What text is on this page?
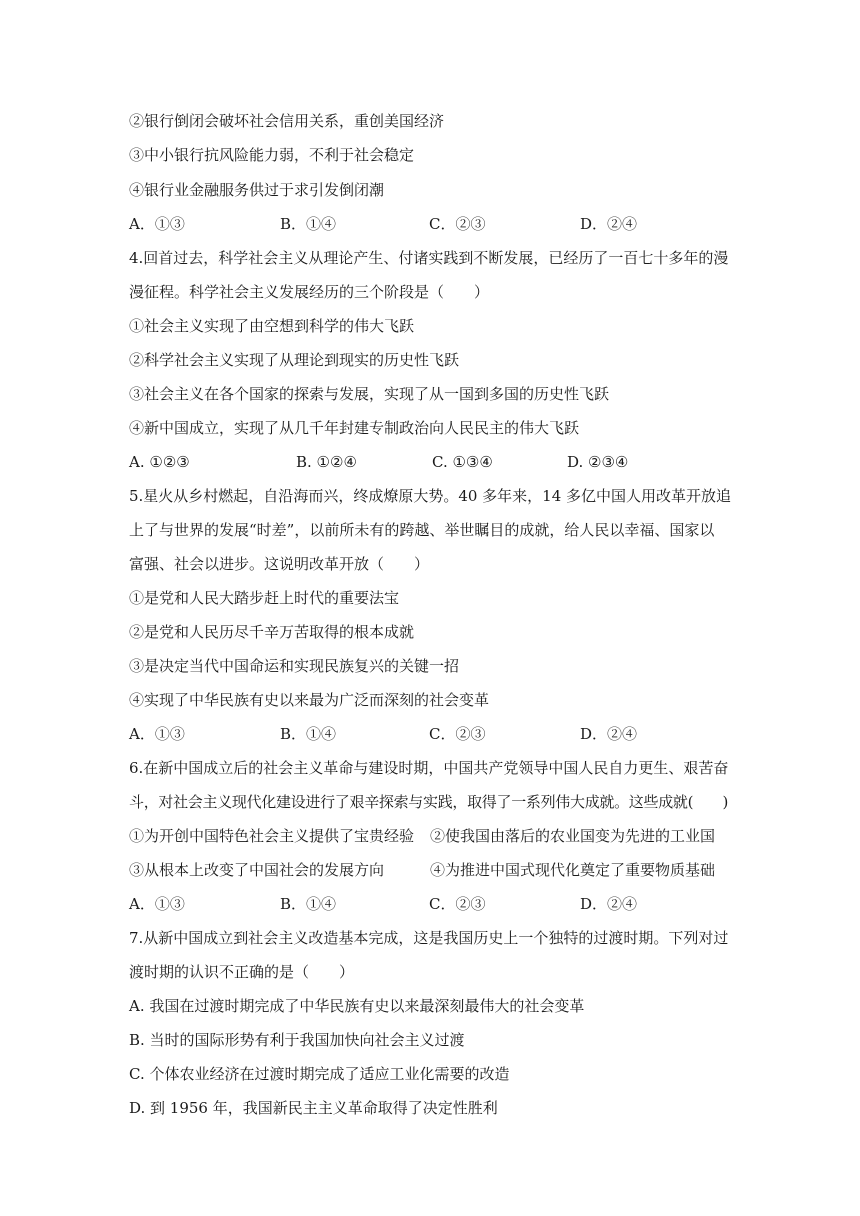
②银行倒闭会破坏社会信用关系，重创美国经济
③中小银行抗风险能力弱，不利于社会稳定
④银行业金融服务供过于求引发倒闭潮
A．①③	B．①④	C．②③	D．②④
4.回首过去，科学社会主义从理论产生、付诸实践到不断发展，已经历了一百七十多年的漫
漫征程。科学社会主义发展经历的三个阶段是（　　）
①社会主义实现了由空想到科学的伟大飞跃
②科学社会主义实现了从理论到现实的历史性飞跃
③社会主义在各个国家的探索与发展，实现了从一国到多国的历史性飞跃
④新中国成立，实现了从几千年封建专制政治向人民民主的伟大飞跃
A. ①②③	B. ①②④	C. ①③④	D. ②③④
5.星火从乡村燃起，自沿海而兴，终成燎原大势。40 多年来，14 多亿中国人用改革开放追
上了与世界的发展“时差”，以前所未有的跨越、举世瞩目的成就，给人民以幸福、国家以
富强、社会以进步。这说明改革开放（　　）
①是党和人民大踏步赶上时代的重要法宝
②是党和人民历尽千辛万苦取得的根本成就
③是决定当代中国命运和实现民族复兴的关键一招
④实现了中华民族有史以来最为广泛而深刻的社会变革
A．①③	B．①④	C．②③	D．②④
6.在新中国成立后的社会主义革命与建设时期，中国共产党领导中国人民自力更生、艰苦奋
斗，对社会主义现代化建设进行了艰辛探索与实践，取得了一系列伟大成就。这些成就(　　)
①为开创中国特色社会主义提供了宝贵经验 ②使我国由落后的农业国变为先进的工业国
③从根本上改变了中国社会的发展方向	④为推进中国式现代化奠定了重要物质基础
A．①③	B．①④	C．②③	D．②④
7.从新中国成立到社会主义改造基本完成，这是我国历史上一个独特的过渡时期。下列对过
渡时期的认识不正确的是（　　）
A. 我国在过渡时期完成了中华民族有史以来最深刻最伟大的社会变革
B. 当时的国际形势有利于我国加快向社会主义过渡
C. 个体农业经济在过渡时期完成了适应工业化需要的改造
D. 到 1956 年，我国新民主主义革命取得了决定性胜利
